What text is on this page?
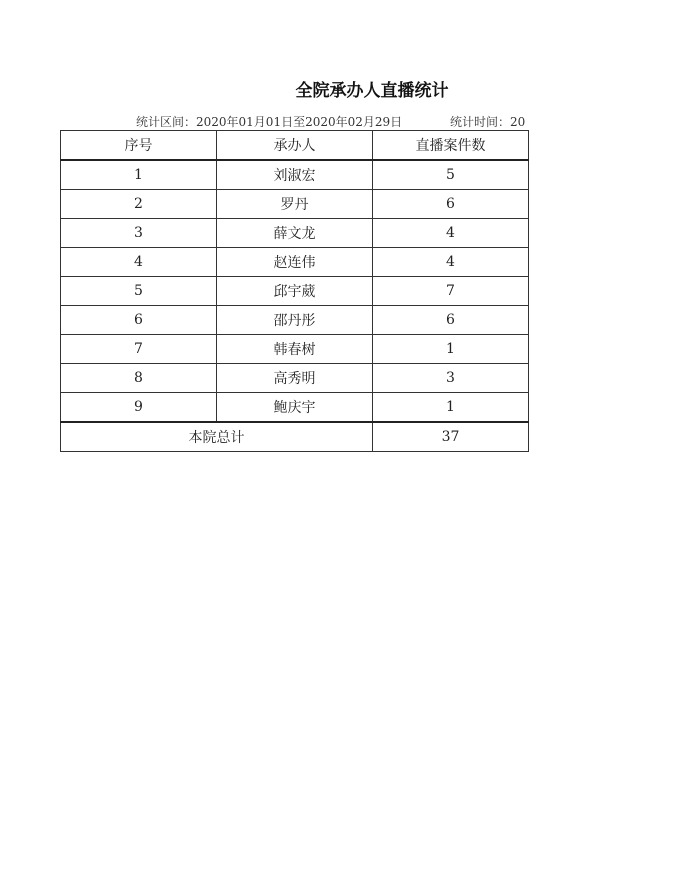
全院承办人直播统计
统计区间：2020年01月01日至2020年02月29日	统计时间：20
序号	承办人	直播案件数
1	刘淑宏	5
2	罗丹	6
3	薛文龙	4
4	赵连伟	4
5	邱宇葳	7
6	邵丹彤	6
7	韩春树	1
8	高秀明	3
9	鲍庆宇	1
本院总计		37
